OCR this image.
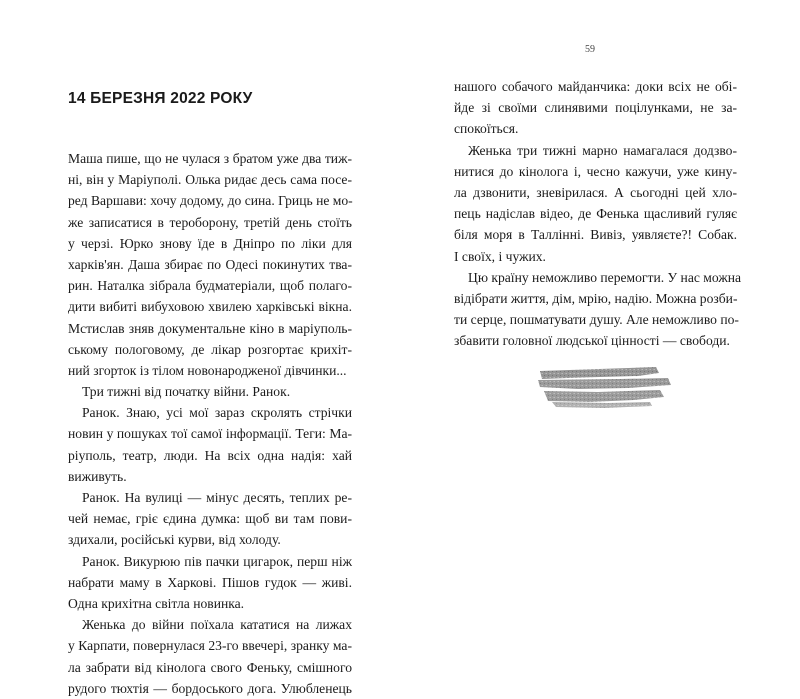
59
14 БЕРЕЗНЯ 2022 РОКУ
Маша пише, що не чулася з братом уже два тиж-
ні, він у Маріуполі. Олька ридає десь сама посе-
ред Варшави: хочу додому, до сина. Гриць не мо-
же записатися в тероборону, третій день стоїть
у черзі. Юрко знову їде в Дніпро по ліки для
харків'ян. Даша збирає по Одесі покинутих тва-
рин. Наталка зібрала будматеріали, щоб полаго-
дити вибиті вибуховою хвилею харківські вікна.
Мстислав зняв документальне кіно в маріуполь-
ському пологовому, де лікар розгортає крихіт-
ний згорток із тілом новонародженої дівчинки...
Три тижні від початку війни. Ранок.
Ранок. Знаю, усі мої зараз скролять стрічки
новин у пошуках тої самої інформації. Теги: Ма-
ріуполь, театр, люди. На всіх одна надія: хай
виживуть.
Ранок. На вулиці — мінус десять, теплих ре-
чей немає, гріє єдина думка: щоб ви там пови-
здихали, російські курви, від холоду.
Ранок. Викурюю пів пачки цигарок, перш ніж
набрати маму в Харкові. Пішов гудок — живі.
Одна крихітна світла новинка.
Женька до війни поїхала кататися на лижах
у Карпати, повернулася 23-го ввечері, зранку ма-
ла забрати від кінолога свого Феньку, смішного
рудого тюхтія — бордоського дога. Улюбленець
нашого собачого майданчика: доки всіх не обі-
йде зі своїми слинявими поцілунками, не за-
спокоїться.
Женька три тижні марно намагалася додзво-
нитися до кінолога і, чесно кажучи, уже кину-
ла дзвонити, зневірилася. А сьогодні цей хло-
пець надіслав відео, де Фенька щасливий гуляє
біля моря в Таллінні. Вивіз, уявляєте?! Собак.
І своїх, і чужих.
Цю країну неможливо перемогти. У нас можна
відібрати життя, дім, мрію, надію. Можна розби-
ти серце, пошматувати душу. Але неможливо по-
збавити головної людської цінності — свободи.
